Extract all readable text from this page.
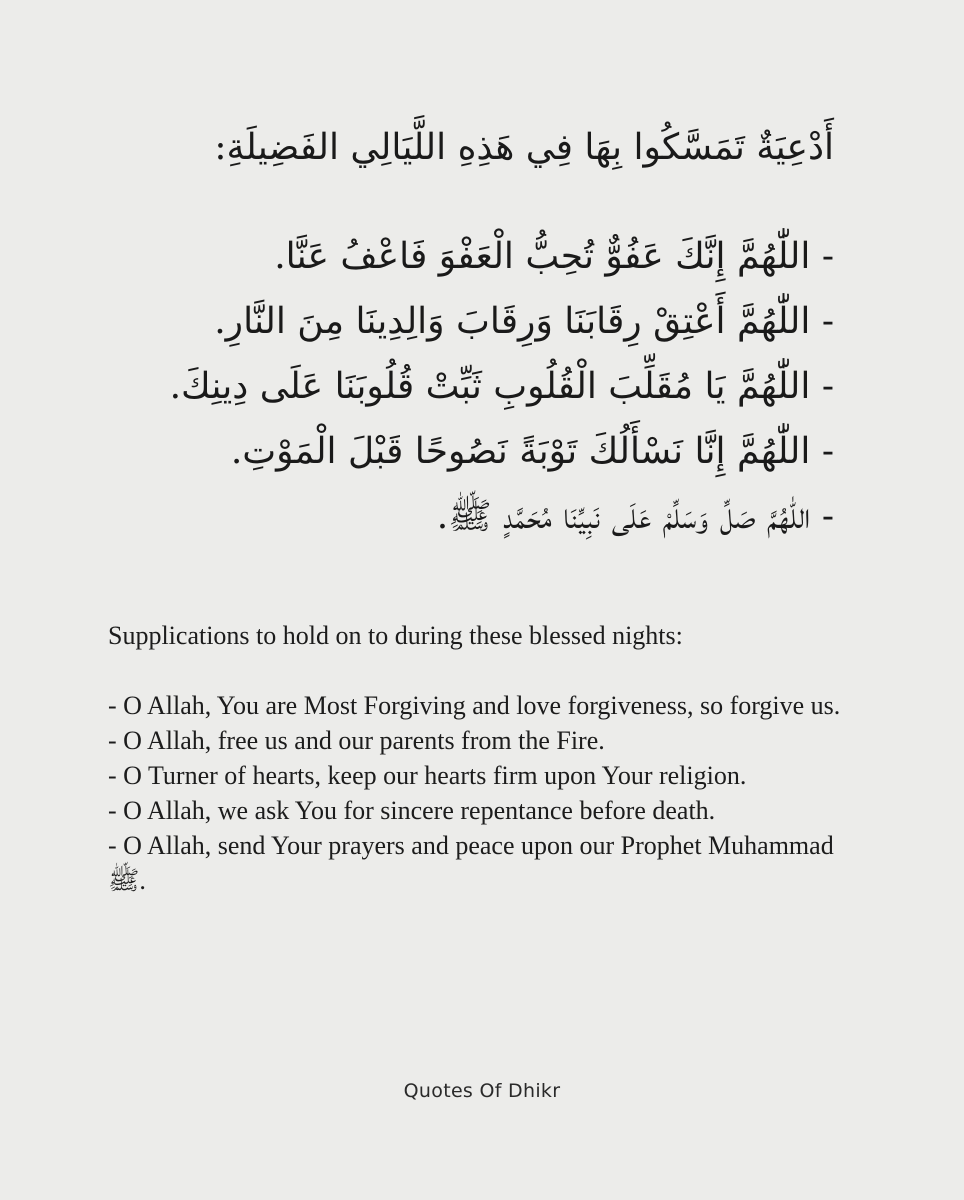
أَدْعِيَةٌ تَمَسَّكُوا بِهَا فِي هَذِهِ اللَّيَالِي الفَضِيلَةِ:
- اللّٰهُمَّ إِنَّكَ عَفُوٌّ تُحِبُّ الْعَفْوَ فَاعْفُ عَنَّا.
- اللّٰهُمَّ أَعْتِقْ رِقَابَنَا وَرِقَابَ وَالِدِينَا مِنَ النَّارِ.
- اللّٰهُمَّ يَا مُقَلِّبَ الْقُلُوبِ ثَبِّتْ قُلُوبَنَا عَلَى دِينِكَ.
- اللّٰهُمَّ إِنَّا نَسْأَلُكَ تَوْبَةً نَصُوحًا قَبْلَ الْمَوْتِ.
- اللّٰهُمَّ صَلِّ وَسَلِّمْ عَلَى نَبِيِّنَا مُحَمَّدٍ ﷺ.
Supplications to hold on to during these blessed nights:
- O Allah, You are Most Forgiving and love forgiveness, so forgive us.
- O Allah, free us and our parents from the Fire.
- O Turner of hearts, keep our hearts firm upon Your religion.
- O Allah, we ask You for sincere repentance before death.
- O Allah, send Your prayers and peace upon our Prophet Muhammad ﷺ.
Quotes Of Dhikr
